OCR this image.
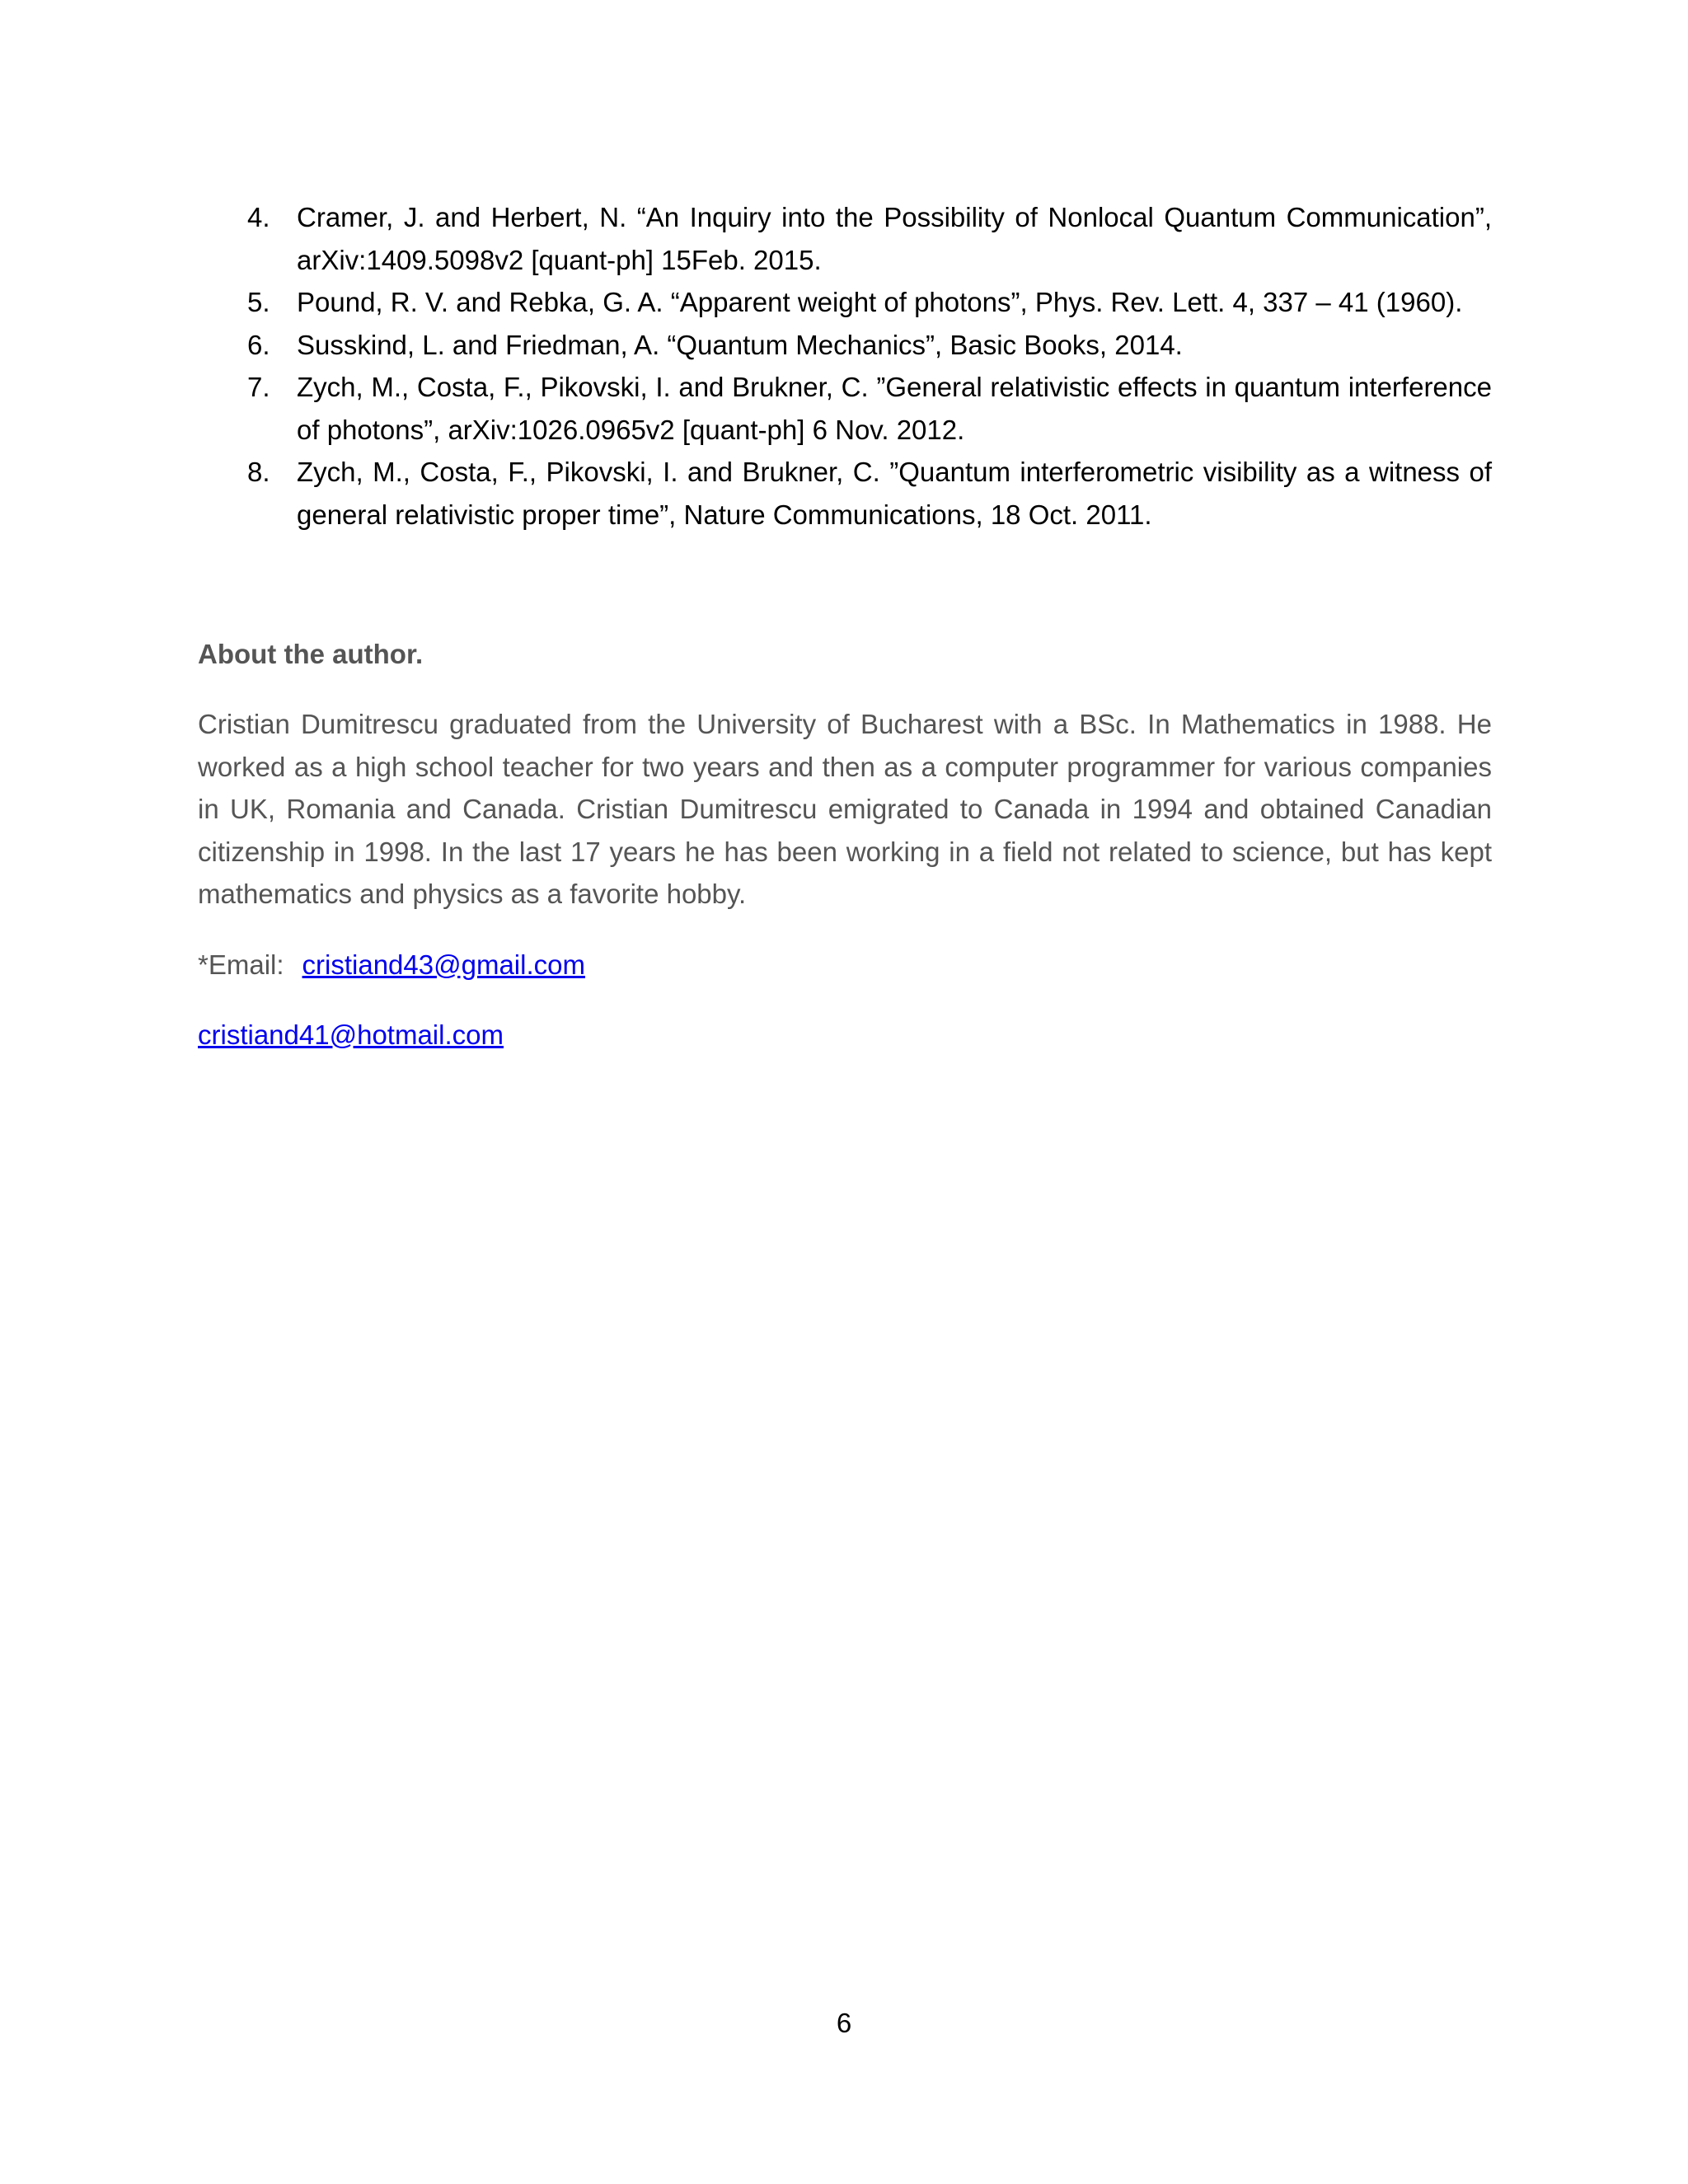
4. Cramer, J. and Herbert, N. “An Inquiry into the Possibility of Nonlocal Quantum Communication”, arXiv:1409.5098v2 [quant-ph] 15Feb. 2015.
5. Pound, R. V. and Rebka, G. A. “Apparent weight of photons”, Phys. Rev. Lett. 4, 337 – 41 (1960).
6. Susskind, L. and Friedman, A. “Quantum Mechanics”, Basic Books, 2014.
7. Zych, M., Costa, F., Pikovski, I. and Brukner, C. ”General relativistic effects in quantum interference of photons”, arXiv:1026.0965v2 [quant-ph] 6 Nov. 2012.
8. Zych, M., Costa, F., Pikovski, I. and Brukner, C. ”Quantum interferometric visibility as a witness of general relativistic proper time”, Nature Communications, 18 Oct. 2011.
About the author.
Cristian Dumitrescu graduated from the University of Bucharest with a BSc. In Mathematics in 1988. He worked as a high school teacher for two years and then as a computer programmer for various companies in UK, Romania and Canada. Cristian Dumitrescu emigrated to Canada in 1994 and obtained Canadian citizenship in 1998. In the last 17 years he has been working in a field not related to science, but has kept mathematics and physics as a favorite hobby.
*Email: cristiand43@gmail.com
cristiand41@hotmail.com
6
